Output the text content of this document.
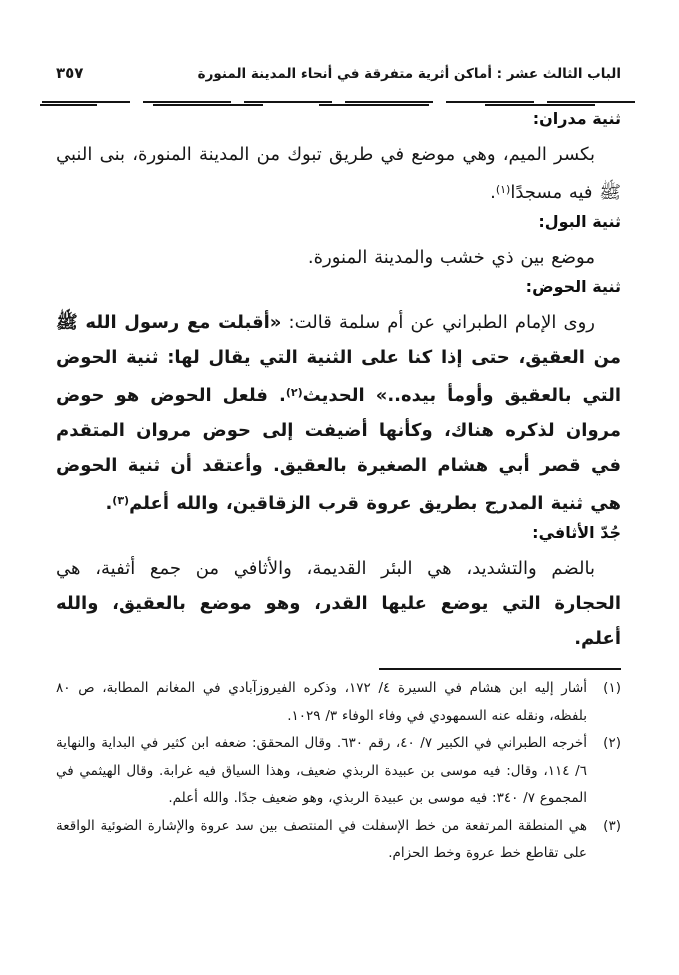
الباب الثالث عشر : أماكن أثرية متفرقة في أنحاء المدينة المنورة
٣٥٧
ثنية مدران:

بكسر الميم، وهي موضع في طريق تبوك من المدينة المنورة، بنى النبي ﷺ فيه مسجدًا$^{(١)}$.

ثنية البول:

موضع بين ذي خشب والمدينة المنورة.

ثنية الحوض:

روى الإمام الطبراني عن أم سلمة قالت: «أقبلت مع رسول الله ﷺ من العقيق، حتى إذا كنا على الثنية التي يقال لها: ثنية الحوض التي بالعقيق وأومأ بيده..» الحديث$^{(٢)}$. فلعل الحوض هو حوض مروان لذكره هناك، وكأنها أضيفت إلى حوض مروان المتقدم في قصر أبي هشام الصغيرة بالعقيق. وأعتقد أن ثنية الحوض هي ثنية المدرج بطريق عروة قرب الزقاقين، والله أعلم$^{(٣)}$.

جُدّ الأثافي:

بالضم والتشديد، هي البئر القديمة، والأثافي من جمع أثفية، هي الحجارة التي يوضع عليها القدر، وهو موضع بالعقيق، والله أعلم.

(١)
أشار إليه ابن هشام في السيرة ٤/ ١٧٢، وذكره الفيروزآبادي في المغانم المطابة، ص ٨٠ بلفظه، ونقله عنه السمهودي في وفاء الوفاء ٣/ ١٠٢٩.
(٢)
أخرجه الطبراني في الكبير ٧/ ٤٠، رقم ٦٣٠. وقال المحقق: ضعفه ابن كثير في البداية والنهاية ٦/ ١١٤، وقال: فيه موسى بن عبيدة الربذي ضعيف، وهذا السياق فيه غرابة. وقال الهيثمي في المجموع ٧/ ٣٤٠: فيه موسى بن عبيدة الربذي، وهو ضعيف جدًا. والله أعلم.
(٣)
هي المنطقة المرتفعة من خط الإسفلت في المنتصف بين سد عروة والإشارة الضوئية الواقعة على تقاطع خط عروة وخط الحزام.
